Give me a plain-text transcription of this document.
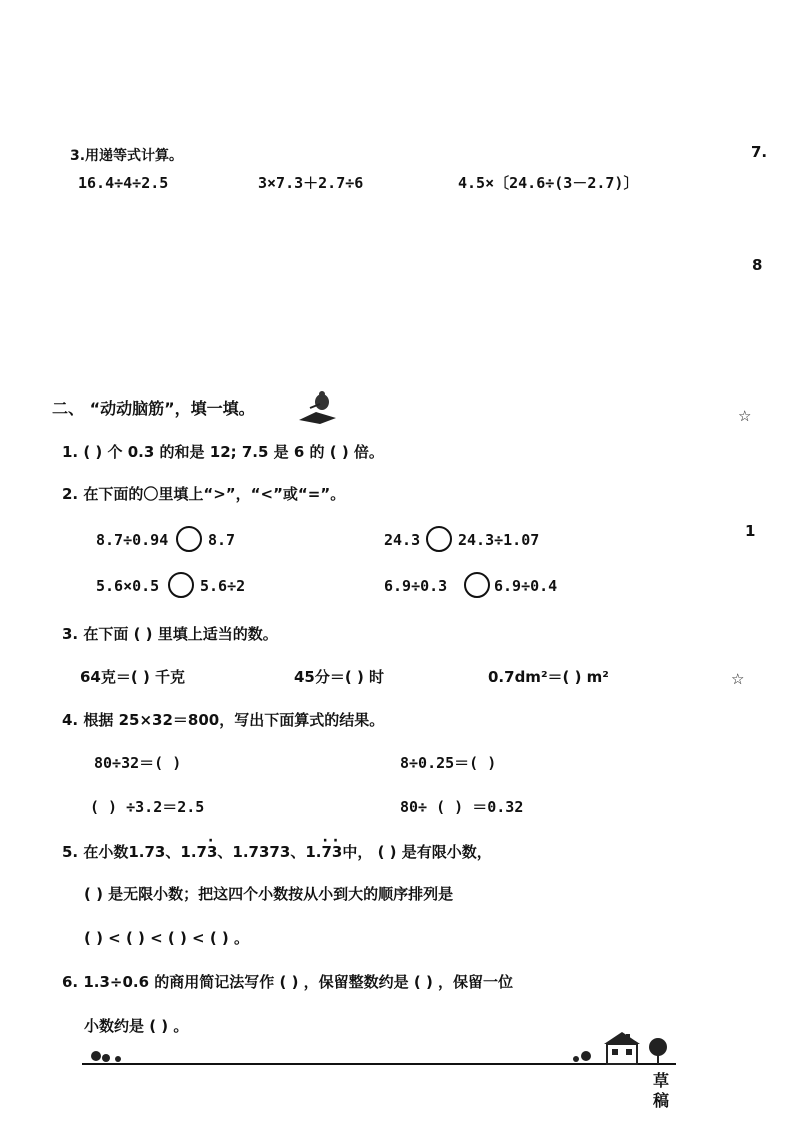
3.用递等式计算。
16.4÷4÷2.5	3×7.3＋2.7÷6	4.5×〔24.6÷(3－2.7)〕
7.
8
☆
1
☆
二、 “动动脑筋”，填一填。
1. ( ) 个 0.3 的和是 12; 7.5 是 6 的 ( ) 倍。
2. 在下面的〇里填上“>”，“<”或“=”。
8.7÷0.94	8.7	24.3	24.3÷1.07
5.6×0.5	5.6÷2	6.9÷0.3	6.9÷0.4
3. 在下面 ( ) 里填上适当的数。
64克＝( ) 千克	45分＝( ) 时	0.7dm²＝( ) m²
4. 根据 25×32＝800，写出下面算式的结果。
80÷32＝( )	8÷0.25＝( )
( ) ÷3.2＝2.5	80÷ ( ) ＝0.32
5. 在小数1.73、1.73 ·、1.7373、1.7 ·3 ·中， ( ) 是有限小数，
( ) 是无限小数；把这四个小数按从小到大的顺序排列是
( ) < ( ) < ( ) < ( ) 。
6. 1.3÷0.6 的商用简记法写作 ( ) ，保留整数约是 ( ) ，保留一位
小数约是 ( ) 。
草
稿
